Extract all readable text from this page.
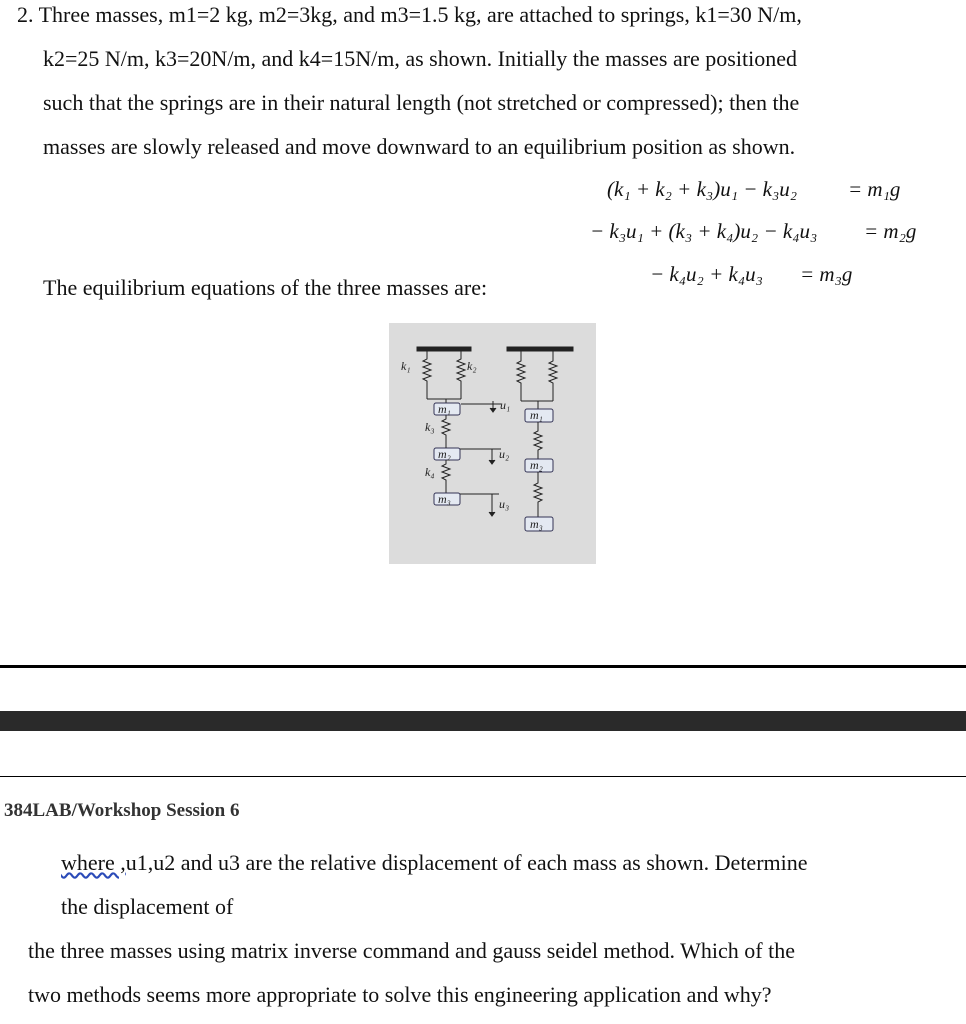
2. Three masses, m1=2 kg, m2=3kg, and m3=1.5 kg, are attached to springs, k1=30 N/m,
k2=25 N/m, k3=20N/m, and k4=15N/m, as shown. Initially the masses are positioned
such that the springs are in their natural length (not stretched or compressed); then the
masses are slowly released and move downward to an equilibrium position as shown.
(k₁ + k₂ + k₃)u₁ − k₃u₂ = m₁g
− k₃u₁ + (k₃ + k₄)u₂ − k₄u₃ = m₂g
− k₄u₂ + k₄u₃ = m₃g
The equilibrium equations of the three masses are:
k₁	k₂
m₁
k₃
m₂
k₄
m₃
u₁
u₂
u₃
m₁
m₂
m₃
384LAB/Workshop Session 6
where ,u1,u2 and u3 are the relative displacement of each mass as shown. Determine
the displacement of
the three masses using matrix inverse command and gauss seidel method. Which of the
two methods seems more appropriate to solve this engineering application and why?
